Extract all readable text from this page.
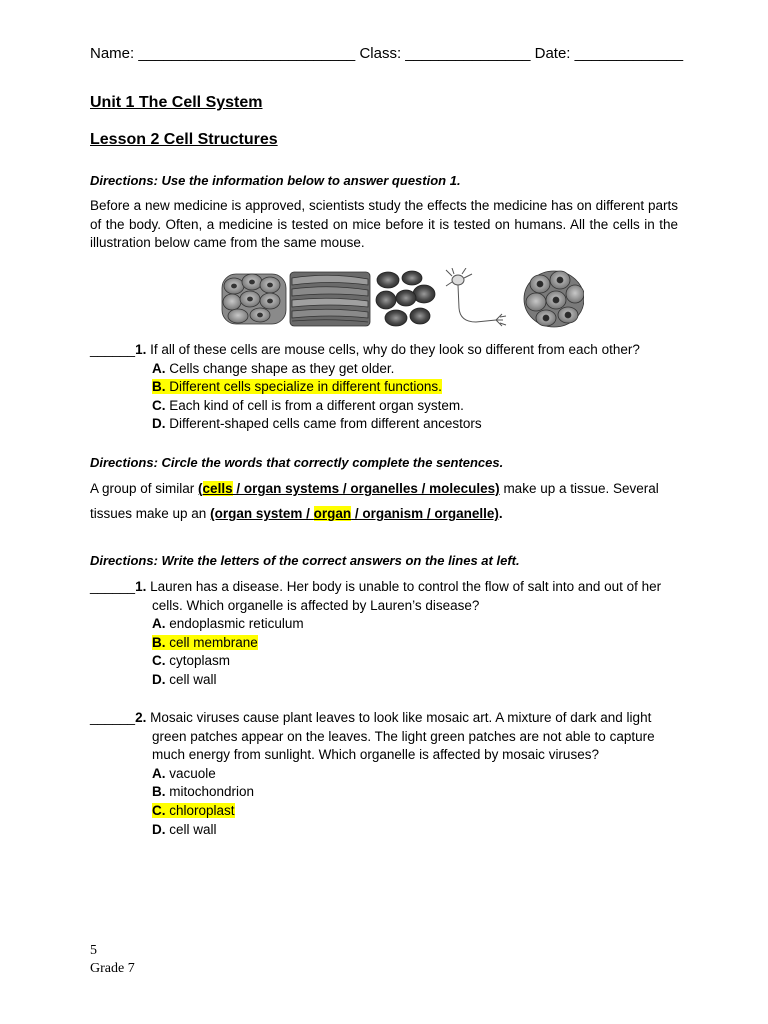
Name: __________________________ Class: _______________ Date: _____________
Unit 1 The Cell System
Lesson 2 Cell Structures
Directions: Use the information below to answer question 1.
Before a new medicine is approved, scientists study the effects the medicine has on different parts of the body. Often, a medicine is tested on mice before it is tested on humans. All the cells in the illustration below came from the same mouse.
______1. If all of these cells are mouse cells, why do they look so different from each other?
A. Cells change shape as they get older.
B. Different cells specialize in different functions.
C. Each kind of cell is from a different organ system.
D. Different-shaped cells came from different ancestors
Directions: Circle the words that correctly complete the sentences.
A group of similar (cells / organ systems / organelles / molecules) make up a tissue. Several
tissues make up an (organ system / organ / organism / organelle).
Directions: Write the letters of the correct answers on the lines at left.
______1. Lauren has a disease. Her body is unable to control the flow of salt into and out of her
cells. Which organelle is affected by Lauren’s disease?
A. endoplasmic reticulum
B. cell membrane
C. cytoplasm
D. cell wall
______2. Mosaic viruses cause plant leaves to look like mosaic art. A mixture of dark and light
green patches appear on the leaves. The light green patches are not able to capture
much energy from sunlight. Which organelle is affected by mosaic viruses?
A. vacuole
B. mitochondrion
C. chloroplast
D. cell wall
5
Grade 7
